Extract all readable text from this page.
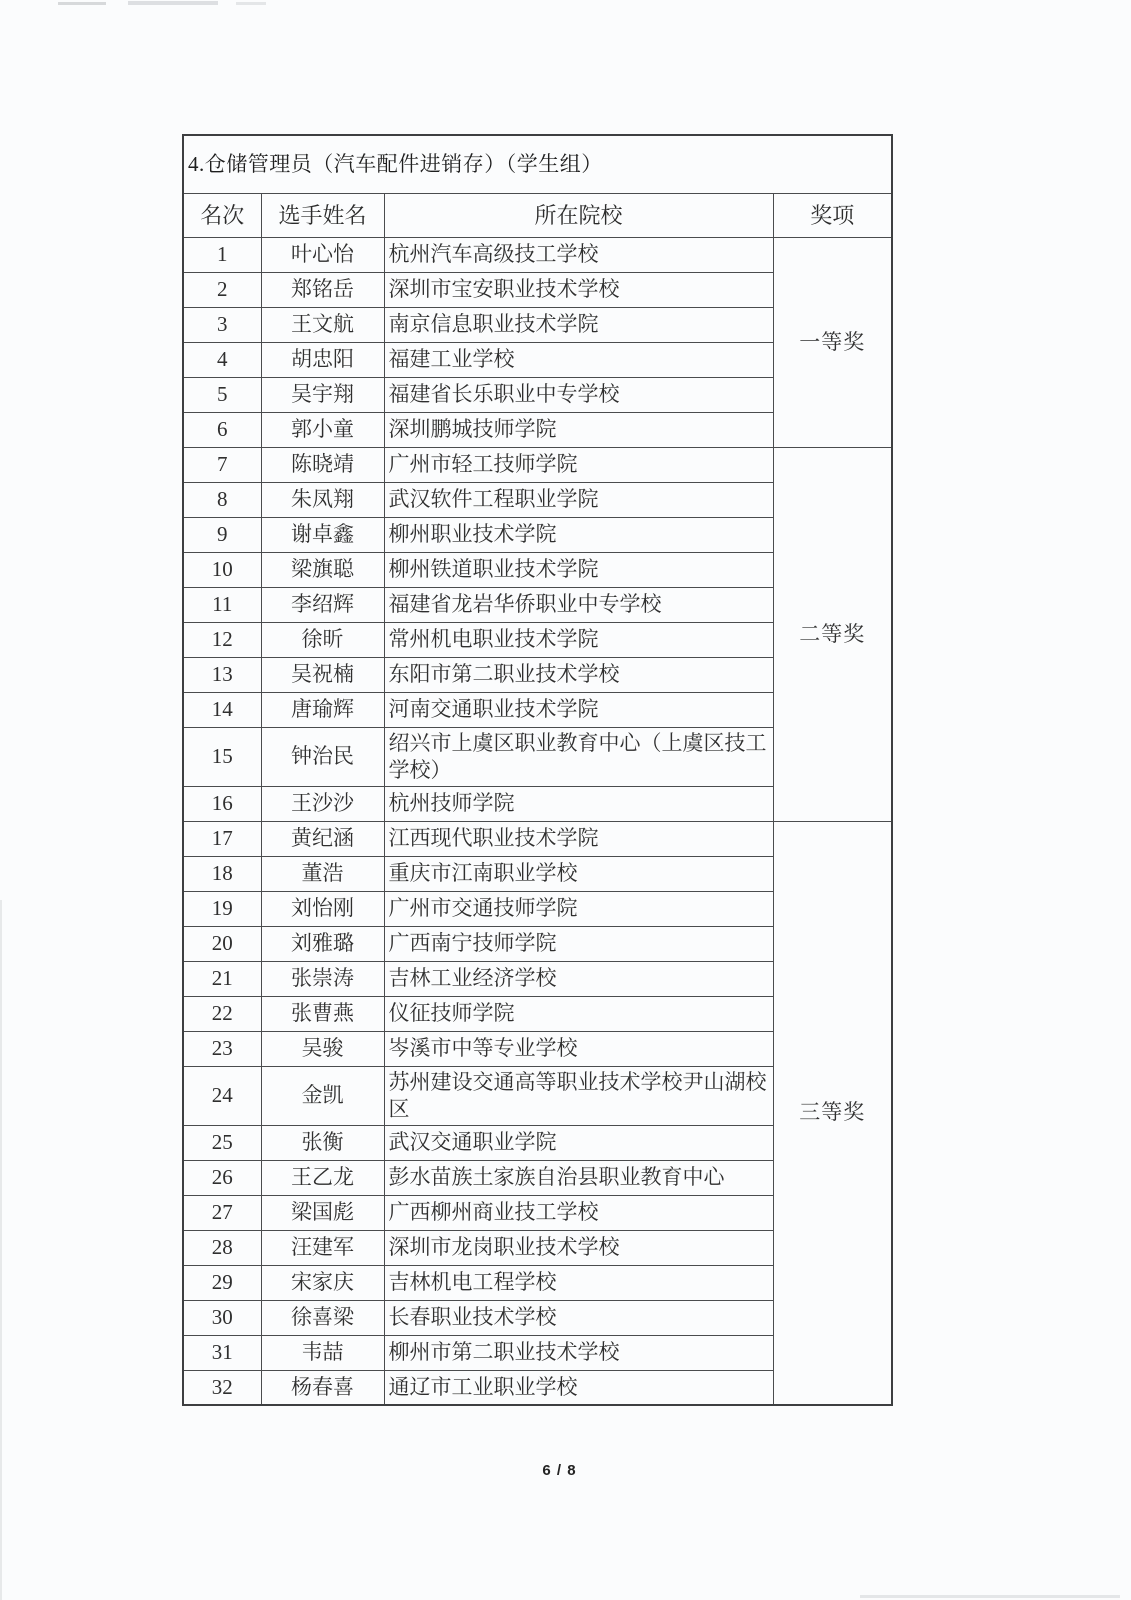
4.仓储管理员（汽车配件进销存）（学生组）			
名次	选手姓名	所在院校	奖项
1	叶心怡	杭州汽车高级技工学校	一等奖
2	郑铭岳	深圳市宝安职业技术学校	
3	王文航	南京信息职业技术学院	
4	胡忠阳	福建工业学校	
5	吴宇翔	福建省长乐职业中专学校	
6	郭小童	深圳鹏城技师学院	
7	陈晓靖	广州市轻工技师学院	二等奖
8	朱凤翔	武汉软件工程职业学院	
9	谢卓鑫	柳州职业技术学院	
10	梁旗聪	柳州铁道职业技术学院	
11	李绍辉	福建省龙岩华侨职业中专学校	
12	徐昕	常州机电职业技术学院	
13	吴祝楠	东阳市第二职业技术学校	
14	唐瑜辉	河南交通职业技术学院	
15	钟治民	绍兴市上虞区职业教育中心（上虞区技工学校）	
16	王沙沙	杭州技师学院	
17	黄纪涵	江西现代职业技术学院	三等奖
18	董浩	重庆市江南职业学校	
19	刘怡刚	广州市交通技师学院	
20	刘雅璐	广西南宁技师学院	
21	张崇涛	吉林工业经济学校	
22	张曹燕	仪征技师学院	
23	吴骏	岑溪市中等专业学校	
24	金凯	苏州建设交通高等职业技术学校尹山湖校区	
25	张衡	武汉交通职业学院	
26	王乙龙	彭水苗族土家族自治县职业教育中心	
27	梁国彪	广西柳州商业技工学校	
28	汪建军	深圳市龙岗职业技术学校	
29	宋家庆	吉林机电工程学校	
30	徐喜梁	长春职业技术学校	
31	韦喆	柳州市第二职业技术学校	
32	杨春喜	通辽市工业职业学校	
6 / 8
